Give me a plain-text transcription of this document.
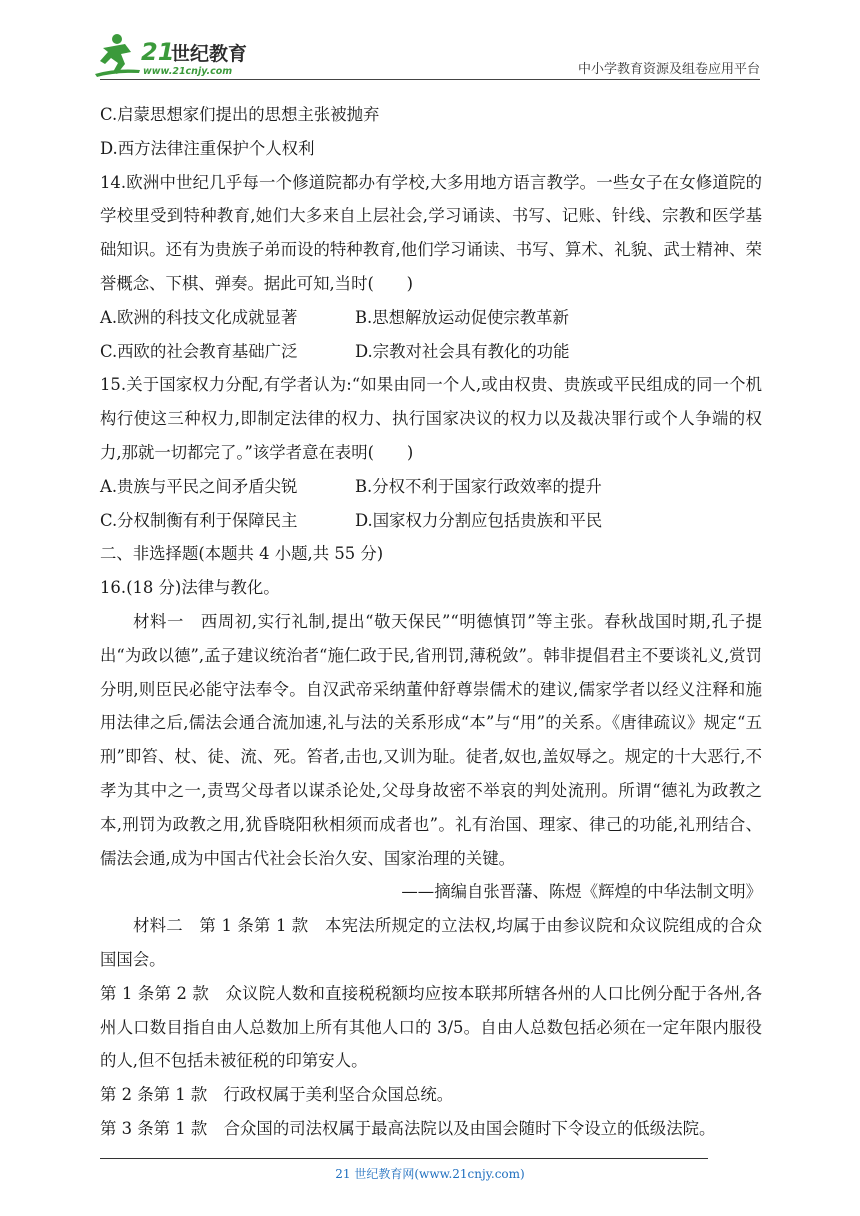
21
世纪教育
www.21cnjy.com	中小学教育资源及组卷应用平台

C.启蒙思想家们提出的思想主张被抛弃

D.西方法律注重保护个人权利

14.欧洲中世纪几乎每一个修道院都办有学校,大多用地方语言教学。一些女子在女修道院的学校里受到特种教育,她们大多来自上层社会,学习诵读、书写、记账、针线、宗教和医学基础知识。还有为贵族子弟而设的特种教育,他们学习诵读、书写、算术、礼貌、武士精神、荣誉概念、下棋、弹奏。据此可知,当时(　　)

A.欧洲的科技文化成就显著	B.思想解放运动促使宗教革新
C.西欧的社会教育基础广泛	D.宗教对社会具有教化的功能

15.关于国家权力分配,有学者认为:“如果由同一个人,或由权贵、贵族或平民组成的同一个机构行使这三种权力,即制定法律的权力、执行国家决议的权力以及裁决罪行或个人争端的权力,那就一切都完了。”该学者意在表明(　　)

A.贵族与平民之间矛盾尖锐	B.分权不利于国家行政效率的提升
C.分权制衡有利于保障民主	D.国家权力分割应包括贵族和平民

二、非选择题(本题共 4 小题,共 55 分)

16.(18 分)法律与教化。

材料一　西周初,实行礼制,提出“敬天保民”“明德慎罚”等主张。春秋战国时期,孔子提出“为政以德”,孟子建议统治者“施仁政于民,省刑罚,薄税敛”。韩非提倡君主不要谈礼义,赏罚分明,则臣民必能守法奉令。自汉武帝采纳董仲舒尊崇儒术的建议,儒家学者以经义注释和施用法律之后,儒法会通合流加速,礼与法的关系形成“本”与“用”的关系。《唐律疏议》规定“五刑”即笞、杖、徒、流、死。笞者,击也,又训为耻。徒者,奴也,盖奴辱之。规定的十大恶行,不孝为其中之一,责骂父母者以谋杀论处,父母身故密不举哀的判处流刑。所谓“德礼为政教之本,刑罚为政教之用,犹昏晓阳秋相须而成者也”。礼有治国、理家、律己的功能,礼刑结合、儒法会通,成为中国古代社会长治久安、国家治理的关键。

——摘编自张晋藩、陈煜《辉煌的中华法制文明》

材料二　第 1 条第 1 款　本宪法所规定的立法权,均属于由参议院和众议院组成的合众国国会。

第 1 条第 2 款　众议院人数和直接税税额均应按本联邦所辖各州的人口比例分配于各州,各州人口数目指自由人总数加上所有其他人口的 3/5。自由人总数包括必须在一定年限内服役的人,但不包括未被征税的印第安人。

第 2 条第 1 款　行政权属于美利坚合众国总统。

第 3 条第 1 款　合众国的司法权属于最高法院以及由国会随时下令设立的低级法院。

21 世纪教育网(www.21cnjy.com)
